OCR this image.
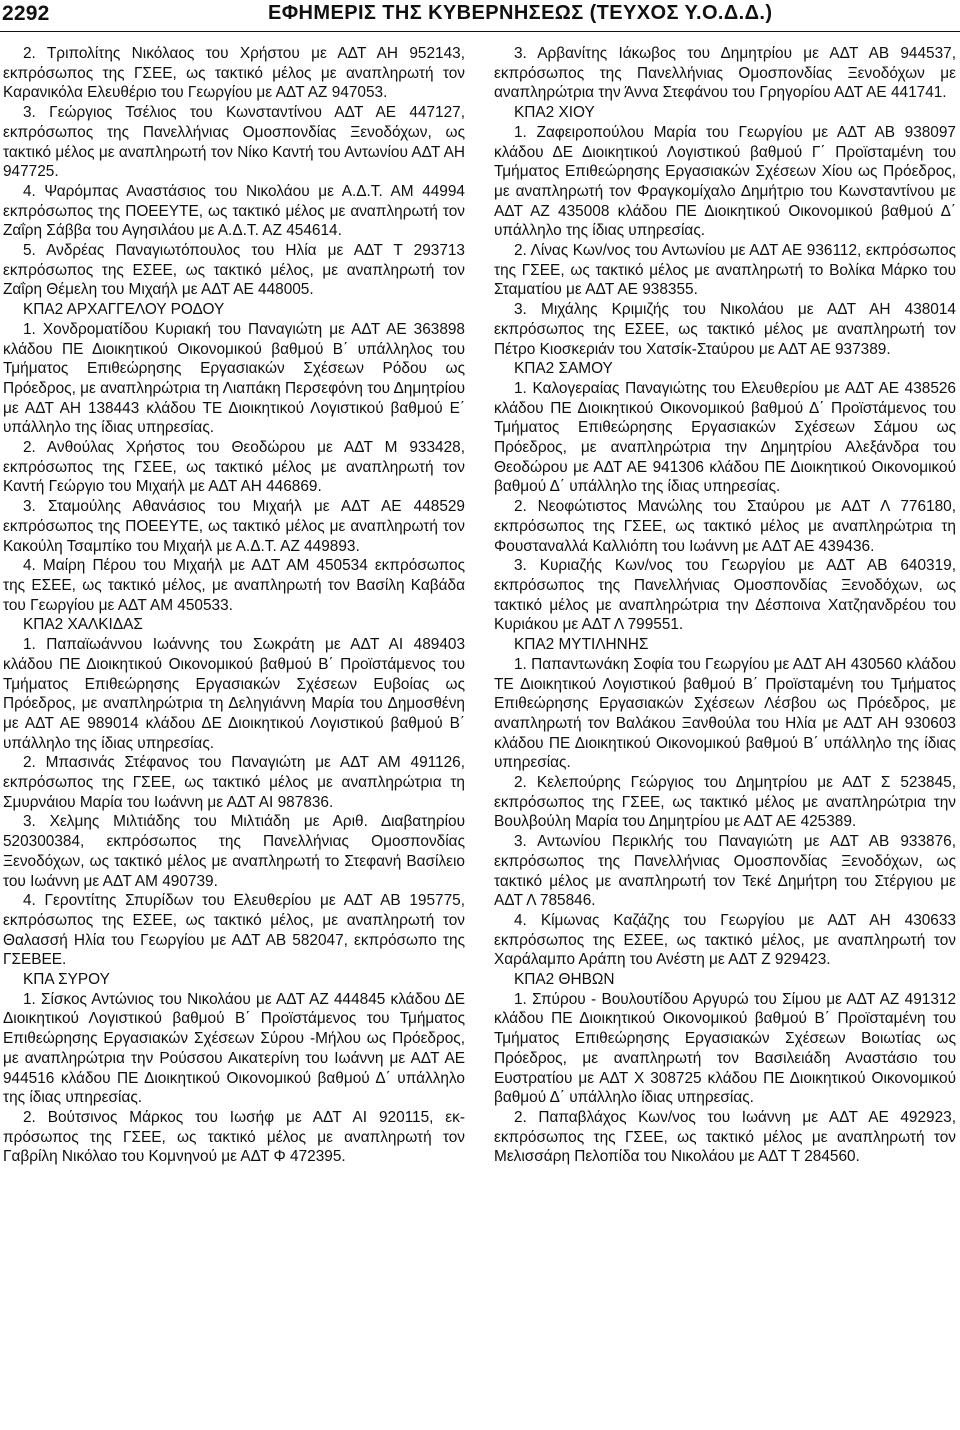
2292	ΕΦΗΜΕΡΙΣ ΤΗΣ ΚΥΒΕΡΝΗΣΕΩΣ (ΤΕΥΧΟΣ Υ.Ο.Δ.Δ.)

2. Τριπολίτης Νικόλαος του Χρήστου με ΑΔΤ ΑΗ 952143, εκπρόσωπος της ΓΣΕΕ, ως τακτικό μέλος με αναπληρωτή τον Καρανικόλα Ελευθέριο του Γεωργίου με ΑΔΤ ΑΖ 947053.

3. Γεώργιος Τσέλιος του Κωνσταντίνου ΑΔΤ ΑΕ 447127, εκπρόσωπος της Πανελλήνιας Ομοσπονδίας Ξενοδόχων, ως τακτικό μέλος με αναπληρωτή τον Νίκο Καντή του Αντωνίου ΑΔΤ ΑΗ 947725.

4. Ψαρόμπας Αναστάσιος του Νικολάου με Α.Δ.Τ. ΑΜ 44994 εκπρόσωπος της ΠΟΕΕΥΤΕ, ως τακτικό μέλος με αναπληρωτή τον Ζαΐρη Σάββα του Αγησιλάου με Α.Δ.Τ. ΑΖ 454614.

5. Ανδρέας Παναγιωτόπουλος του Ηλία με ΑΔΤ Τ 293713 εκπρόσωπος της ΕΣΕΕ, ως τακτικό μέλος, με αναπληρωτή τον Ζαΐρη Θέμελη του Μιχαήλ με ΑΔΤ ΑΕ 448005.

ΚΠΑ2 ΑΡΧΑΓΓΕΛΟΥ ΡΟΔΟΥ

1. Χονδροματίδου Κυριακή του Παναγιώτη με ΑΔΤ ΑΕ 363898 κλάδου ΠΕ Διοικητικού Οικονομικού βαθμού Β΄ υπάλληλος του Τμήματος Επιθεώρησης Εργασιακών Σχέσεων Ρόδου ως Πρόεδρος, με αναπληρώτρια τη Λιαπάκη Περσεφόνη του Δημητρίου με ΑΔΤ ΑΗ 138443 κλάδου ΤΕ Διοικητικού Λογιστικού βαθμού Ε΄ υπάλληλο της ίδιας υπηρεσίας.

2. Ανθούλας Χρήστος του Θεοδώρου με ΑΔΤ Μ 933428, εκπρόσωπος της ΓΣΕΕ, ως τακτικό μέλος με αναπληρωτή τον Καντή Γεώργιο του Μιχαήλ με ΑΔΤ ΑΗ 446869.

3. Σταμούλης Αθανάσιος του Μιχαήλ με ΑΔΤ ΑΕ 448529 εκπρόσωπος της ΠΟΕΕΥΤΕ, ως τακτικό μέλος με αναπληρωτή τον Κακούλη Τσαμπίκο του Μιχαήλ με Α.Δ.Τ. ΑΖ 449893.

4. Μαίρη Πέρου του Μιχαήλ με ΑΔΤ ΑΜ 450534 εκπρόσωπος της ΕΣΕΕ, ως τακτικό μέλος, με αναπληρωτή τον Βασίλη Καβάδα του Γεωργίου με ΑΔΤ ΑΜ 450533.

ΚΠΑ2 ΧΑΛΚΙΔΑΣ

1. Παπαϊωάννου Ιωάννης του Σωκράτη με ΑΔΤ ΑΙ 489403 κλάδου ΠΕ Διοικητικού Οικονομικού βαθμού Β΄ Προϊστάμενος του Τμήματος Επιθεώρησης Εργασιακών Σχέσεων Ευβοίας ως Πρόεδρος, με αναπληρώτρια τη Δεληγιάννη Μαρία του Δημοσθένη με ΑΔΤ ΑΕ 989014 κλάδου ΔΕ Διοικητικού Λογιστικού βαθμού Β΄ υπάλληλο της ίδιας υπηρεσίας.

2. Μπασινάς Στέφανος του Παναγιώτη με ΑΔΤ ΑΜ 491126, εκπρόσωπος της ΓΣΕΕ, ως τακτικό μέλος με αναπληρώτρια τη Σμυρνάιου Μαρία του Ιωάννη με ΑΔΤ ΑΙ 987836.

3. Χελμης Μιλτιάδης του Μιλτιάδη με Αριθ. Διαβατηρίου 520300384, εκπρόσωπος της Πανελλήνιας Ομοσπονδίας Ξενοδόχων, ως τακτικό μέλος με αναπληρωτή το Στεφανή Βασίλειο του Ιωάννη με ΑΔΤ ΑΜ 490739.

4. Γεροντίτης Σπυρίδων του Ελευθερίου με ΑΔΤ ΑΒ 195775, εκπρόσωπος της ΕΣΕΕ, ως τακτικό μέλος, με αναπληρωτή τον Θαλασσή Ηλία του Γεωργίου με ΑΔΤ ΑΒ 582047, εκπρόσωπο της ΓΣΕΒΕΕ.

ΚΠΑ ΣΥΡΟΥ

1. Σίσκος Αντώνιος του Νικολάου με ΑΔΤ ΑΖ 444845 κλάδου ΔΕ Διοικητικού Λογιστικού βαθμού Β΄ Προϊστάμενος του Τμήματος Επιθεώρησης Εργασιακών Σχέσεων Σύρου -Μήλου ως Πρόεδρος, με αναπληρώτρια την Ρούσσου Αικατερίνη του Ιωάννη με ΑΔΤ ΑΕ 944516 κλάδου ΠΕ Διοικητικού Οικονομικού βαθμού Δ΄ υπάλληλο της ίδιας υπηρεσίας.

2. Βούτσινος Μάρκος του Ιωσήφ με ΑΔΤ ΑΙ 920115, εκπρόσωπος της ΓΣΕΕ, ως τακτικό μέλος με αναπληρωτή τον Γαβρίλη Νικόλαο του Κομνηνού με ΑΔΤ Φ 472395.

3. Αρβανίτης Ιάκωβος του Δημητρίου με ΑΔΤ ΑΒ 944537, εκπρόσωπος της Πανελλήνιας Ομοσπονδίας Ξενοδόχων με αναπληρώτρια την Άννα Στεφάνου του Γρηγορίου ΑΔΤ ΑΕ 441741.

ΚΠΑ2 ΧΙΟΥ

1. Ζαφειροπούλου Μαρία του Γεωργίου με ΑΔΤ ΑΒ 938097 κλάδου ΔΕ Διοικητικού Λογιστικού βαθμού Γ΄ Προϊσταμένη του Τμήματος Επιθεώρησης Εργασιακών Σχέσεων Χίου ως Πρόεδρος, με αναπληρωτή τον Φραγκομίχαλο Δημήτριο του Κωνσταντίνου με ΑΔΤ ΑΖ 435008 κλάδου ΠΕ Διοικητικού Οικονομικού βαθμού Δ΄ υπάλληλο της ίδιας υπηρεσίας.

2. Λίνας Κων/νος του Αντωνίου με ΑΔΤ ΑΕ 936112, εκπρόσωπος της ΓΣΕΕ, ως τακτικό μέλος με αναπληρωτή το Βολίκα Μάρκο του Σταματίου με ΑΔΤ ΑΕ 938355.

3. Μιχάλης Κριμιζής του Νικολάου με ΑΔΤ ΑΗ 438014 εκπρόσωπος της ΕΣΕΕ, ως τακτικό μέλος με αναπληρωτή τον Πέτρο Κιοσκεριάν του Χατσίκ-Σταύρου με ΑΔΤ ΑΕ 937389.

ΚΠΑ2 ΣΑΜΟΥ

1. Καλογεραίας Παναγιώτης του Ελευθερίου με ΑΔΤ ΑΕ 438526 κλάδου ΠΕ Διοικητικού Οικονομικού βαθμού Δ΄ Προϊστάμενος του Τμήματος Επιθεώρησης Εργασιακών Σχέσεων Σάμου ως Πρόεδρος, με αναπληρώτρια την Δημητρίου Αλεξάνδρα του Θεοδώρου με ΑΔΤ ΑΕ 941306 κλάδου ΠΕ Διοικητικού Οικονομικού βαθμού Δ΄ υπάλληλο της ίδιας υπηρεσίας.

2. Νεοφώτιστος Μανώλης του Σταύρου με ΑΔΤ Λ 776180, εκπρόσωπος της ΓΣΕΕ, ως τακτικό μέλος με αναπληρώτρια τη Φουσταναλλά Καλλιόπη του Ιωάννη με ΑΔΤ ΑΕ 439436.

3. Κυριαζής Κων/νος του Γεωργίου με ΑΔΤ ΑΒ 640319, εκπρόσωπος της Πανελλήνιας Ομοσπονδίας Ξενοδόχων, ως τακτικό μέλος με αναπληρώτρια την Δέσποινα Χατζηανδρέου του Κυριάκου με ΑΔΤ Λ 799551.

ΚΠΑ2 ΜΥΤΙΛΗΝΗΣ

1. Παπαντωνάκη Σοφία του Γεωργίου με ΑΔΤ ΑΗ 430560 κλάδου ΤΕ Διοικητικού Λογιστικού βαθμού Β΄ Προϊσταμένη του Τμήματος Επιθεώρησης Εργασιακών Σχέσεων Λέσβου ως Πρόεδρος, με αναπληρωτή τον Βαλάκου Ξανθούλα του Ηλία με ΑΔΤ ΑΗ 930603 κλάδου ΠΕ Διοικητικού Οικονομικού βαθμού Β΄ υπάλληλο της ίδιας υπηρεσίας.

2. Κελεπούρης Γεώργιος του Δημητρίου με ΑΔΤ Σ 523845, εκπρόσωπος της ΓΣΕΕ, ως τακτικό μέλος με αναπληρώτρια την Βουλβούλη Μαρία του Δημητρίου με ΑΔΤ ΑΕ 425389.

3. Αντωνίου Περικλής του Παναγιώτη με ΑΔΤ ΑΒ 933876, εκπρόσωπος της Πανελλήνιας Ομοσπονδίας Ξενοδόχων, ως τακτικό μέλος με αναπληρωτή τον Τεκέ Δημήτρη του Στέργιου με ΑΔΤ Λ 785846.

4. Κίμωνας Καζάζης του Γεωργίου με ΑΔΤ ΑΗ 430633 εκπρόσωπος της ΕΣΕΕ, ως τακτικό μέλος, με αναπληρωτή τον Χαράλαμπο Αράπη του Ανέστη με ΑΔΤ Ζ 929423.

ΚΠΑ2 ΘΗΒΩΝ

1. Σπύρου - Βουλουτίδου Αργυρώ του Σίμου με ΑΔΤ ΑΖ 491312 κλάδου ΠΕ Διοικητικού Οικονομικού βαθμού Β΄ Προϊσταμένη του Τμήματος Επιθεώρησης Εργασιακών Σχέσεων Βοιωτίας ως Πρόεδρος, με αναπληρωτή τον Βασιλειάδη Αναστάσιο του Ευστρατίου με ΑΔΤ Χ 308725 κλάδου ΠΕ Διοικητικού Οικονομικού βαθμού Δ΄ υπάλληλο ίδιας υπηρεσίας.

2. Παπαβλάχος Κων/νος του Ιωάννη με ΑΔΤ ΑΕ 492923, εκπρόσωπος της ΓΣΕΕ, ως τακτικό μέλος με αναπληρωτή τον Μελισσάρη Πελοπίδα του Νικολάου με ΑΔΤ Τ 284560.
